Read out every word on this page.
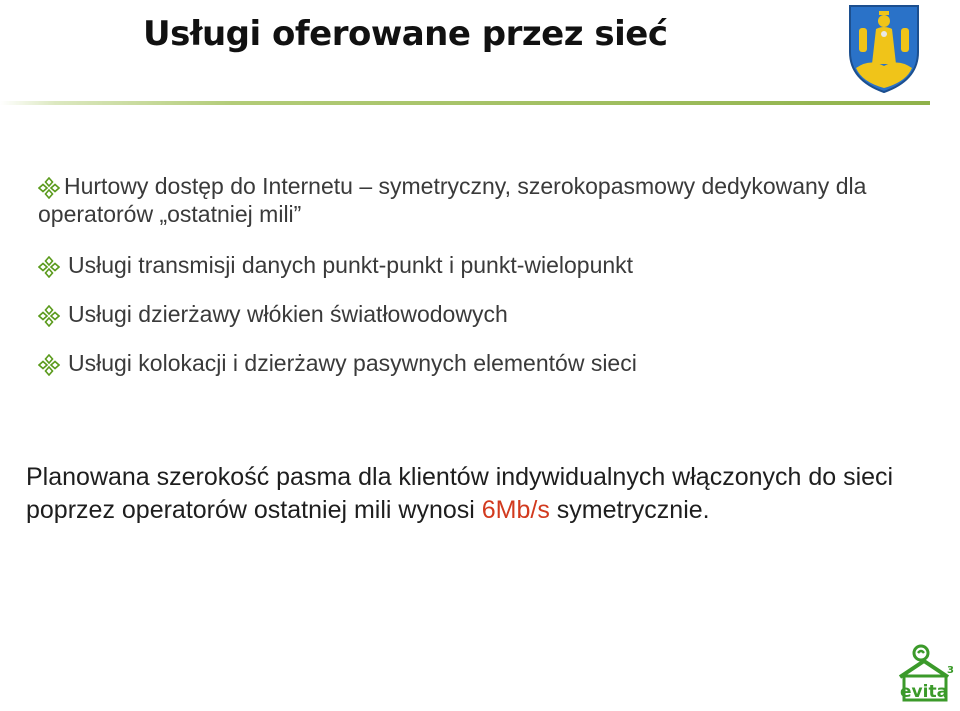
Usługi oferowane przez sieć
Hurtowy dostęp do Internetu – symetryczny, szerokopasmowy dedykowany dla operatorów „ostatniej mili”
Usługi transmisji danych punkt-punkt i punkt-wielopunkt
Usługi dzierżawy włókien światłowodowych
Usługi kolokacji i dzierżawy pasywnych elementów sieci

Planowana szerokość pasma dla klientów indywidualnych włączonych do sieci poprzez operatorów ostatniej mili wynosi 6Mb/s symetrycznie.

evita
3
